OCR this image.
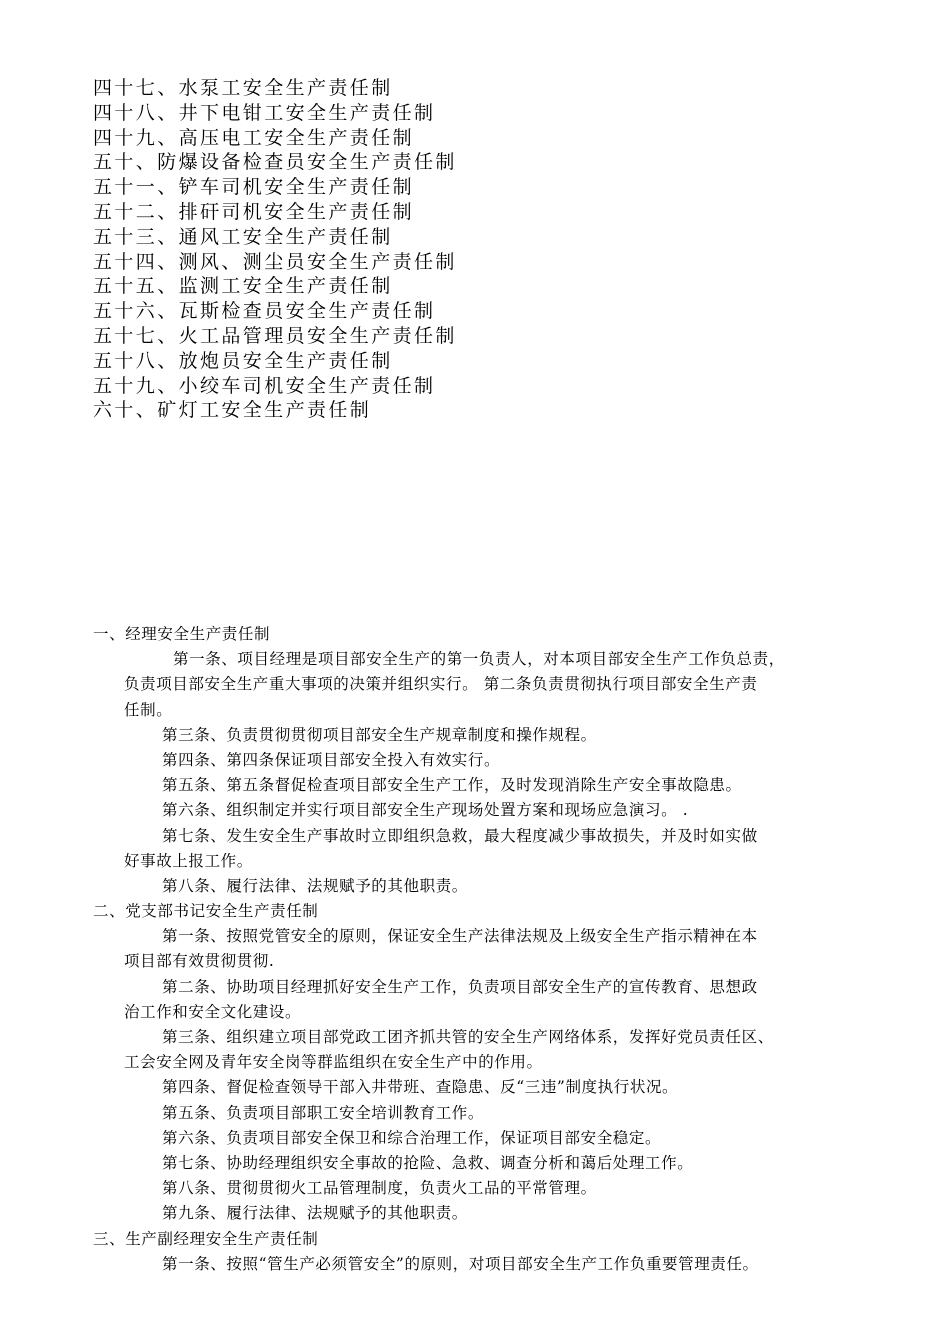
四十七、水泵工安全生产责任制
四十八、井下电钳工安全生产责任制
四十九、高压电工安全生产责任制
五十、防爆设备检查员安全生产责任制
五十一、铲车司机安全生产责任制
五十二、排矸司机安全生产责任制
五十三、通风工安全生产责任制
五十四、测风、测尘员安全生产责任制
五十五、监测工安全生产责任制
五十六、瓦斯检查员安全生产责任制
五十七、火工品管理员安全生产责任制
五十八、放炮员安全生产责任制
五十九、小绞车司机安全生产责任制
六十、矿灯工安全生产责任制
一、经理安全生产责任制
第一条、项目经理是项目部安全生产的第一负责人，对本项目部安全生产工作负总责，
负责项目部安全生产重大事项的决策并组织实行。 第二条负责贯彻执行项目部安全生产责
任制。
第三条、负责贯彻贯彻项目部安全生产规章制度和操作规程。
第四条、第四条保证项目部安全投入有效实行。
第五条、第五条督促检查项目部安全生产工作，及时发现消除生产安全事故隐患。
第六条、组织制定并实行项目部安全生产现场处置方案和现场应急演习。 .
第七条、发生安全生产事故时立即组织急救，最大程度减少事故损失，并及时如实做
好事故上报工作。
第八条、履行法律、法规赋予的其他职责。
二、党支部书记安全生产责任制
第一条、按照党管安全的原则，保证安全生产法律法规及上级安全生产指示精神在本
项目部有效贯彻贯彻.
第二条、协助项目经理抓好安全生产工作，负责项目部安全生产的宣传教育、思想政
治工作和安全文化建设。
第三条、组织建立项目部党政工团齐抓共管的安全生产网络体系，发挥好党员责任区、
工会安全网及青年安全岗等群监组织在安全生产中的作用。
第四条、督促检查领导干部入井带班、查隐患、反“三违”制度执行状况。
第五条、负责项目部职工安全培训教育工作。
第六条、负责项目部安全保卫和综合治理工作，保证项目部安全稳定。
第七条、协助经理组织安全事故的抢险、急救、调查分析和蔼后处理工作。
第八条、贯彻贯彻火工品管理制度，负责火工品的平常管理。
第九条、履行法律、法规赋予的其他职责。
三、生产副经理安全生产责任制
第一条、按照“管生产必须管安全”的原则，对项目部安全生产工作负重要管理责任。
